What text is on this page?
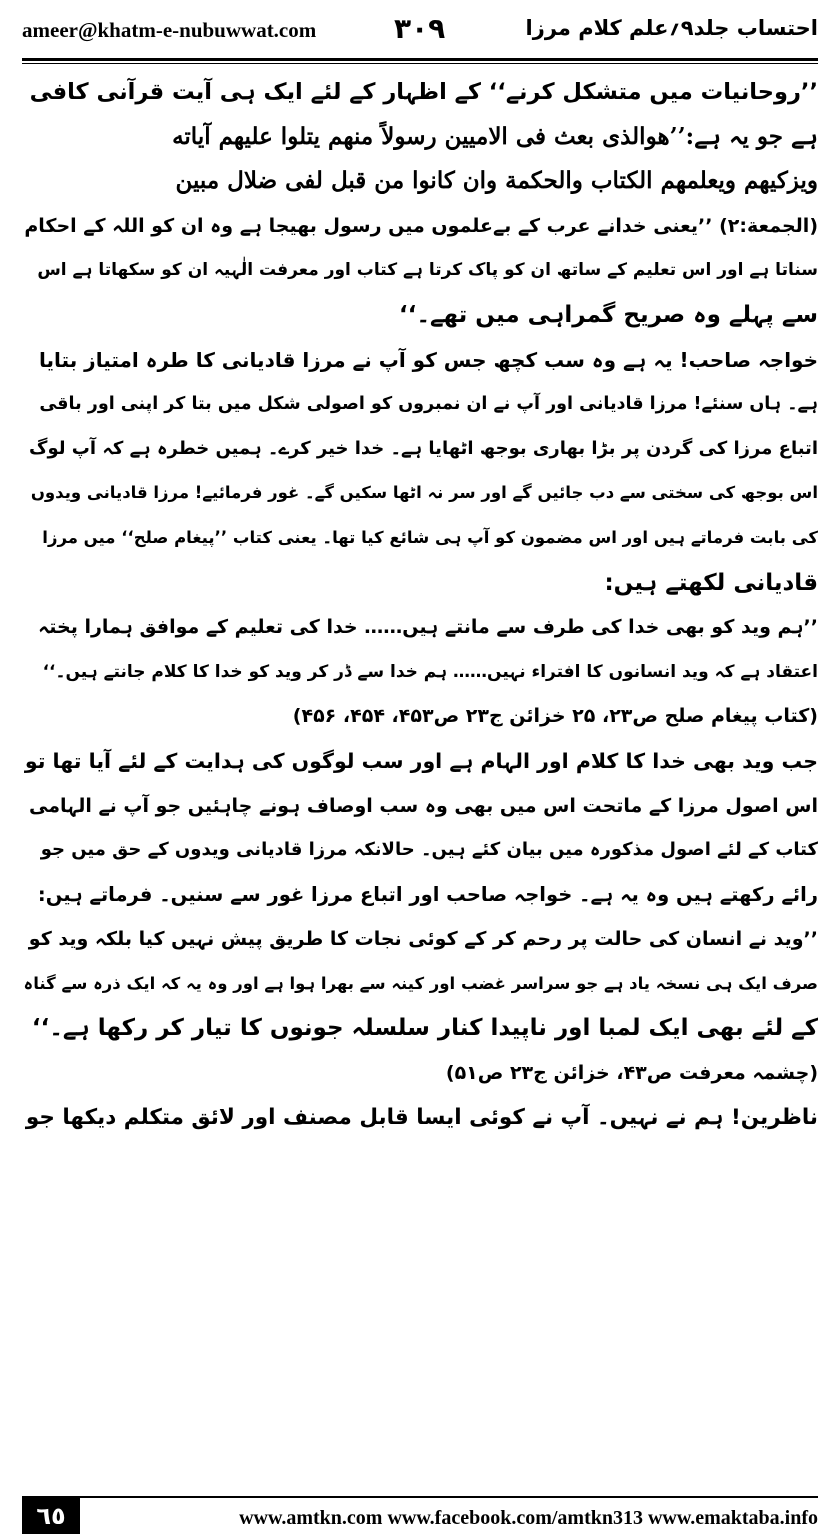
ameer@khatm-e-nubuwwat.com	۳۰۹	احتساب جلد۹؍علم کلام مرزا
’’روحانیات میں متشکل کرنے‘‘ کے اظہار کے لئے ایک ہی آیت قرآنی کافی
ہے جو یہ ہے:’’هوالذی بعث فی الامیین رسولاً منهم یتلوا علیهم آیاته
ویزکیهم ویعلمهم الکتاب والحکمة وان کانوا من قبل لفی ضلال مبین
(الجمعة:۲) ’’یعنی خدانے عرب کے بےعلموں میں رسول بھیجا ہے وہ ان کو اللہ کے احکام
سناتا ہے اور اس تعلیم کے ساتھ ان کو پاک کرتا ہے کتاب اور معرفت الٰہیہ ان کو سکھاتا ہے اس
سے پہلے وہ صریح گمراہی میں تھے۔‘‘
خواجہ صاحب! یہ ہے وہ سب کچھ جس کو آپ نے مرزا قادیانی کا طرہ امتیاز بتایا
ہے۔ ہاں سنئے! مرزا قادیانی اور آپ نے ان نمبروں کو اصولی شکل میں بتا کر اپنی اور باقی
اتباع مرزا کی گردن پر بڑا بھاری بوجھ اٹھایا ہے۔ خدا خیر کرے۔ ہمیں خطرہ ہے کہ آپ لوگ
اس بوجھ کی سختی سے دب جائیں گے اور سر نہ اٹھا سکیں گے۔ غور فرمائیے! مرزا قادیانی ویدوں
کی بابت فرماتے ہیں اور اس مضمون کو آپ ہی شائع کیا تھا۔ یعنی کتاب ’’پیغام صلح‘‘ میں مرزا
قادیانی لکھتے ہیں:
’’ہم وید کو بھی خدا کی طرف سے مانتے ہیں…… خدا کی تعلیم کے موافق ہمارا پختہ
اعتقاد ہے کہ وید انسانوں کا افتراء نہیں…… ہم خدا سے ڈر کر وید کو خدا کا کلام جانتے ہیں۔‘‘
(کتاب پیغام صلح ص۲۳، ۲۵ خزائن ج۲۳ ص۴۵۳، ۴۵۴، ۴۵۶)
جب وید بھی خدا کا کلام اور الہام ہے اور سب لوگوں کی ہدایت کے لئے آیا تھا تو
اس اصول مرزا کے ماتحت اس میں بھی وہ سب اوصاف ہونے چاہئیں جو آپ نے الہامی
کتاب کے لئے اصول مذکورہ میں بیان کئے ہیں۔ حالانکہ مرزا قادیانی ویدوں کے حق میں جو
رائے رکھتے ہیں وہ یہ ہے۔ خواجہ صاحب اور اتباع مرزا غور سے سنیں۔ فرماتے ہیں:
’’وید نے انسان کی حالت پر رحم کر کے کوئی نجات کا طریق پیش نہیں کیا بلکہ وید کو
صرف ایک ہی نسخہ یاد ہے جو سراسر غضب اور کینہ سے بھرا ہوا ہے اور وہ یہ کہ ایک ذرہ سے گناہ
کے لئے بھی ایک لمبا اور ناپیدا کنار سلسلہ جونوں کا تیار کر رکھا ہے۔‘‘
(چشمہ معرفت ص۴۳، خزائن ج۲۳ ص۵۱)
ناظرین! ہم نے نہیں۔ آپ نے کوئی ایسا قابل مصنف اور لائق متکلم دیکھا جو
٦٥	www.amtkn.com www.facebook.com/amtkn313 www.emaktaba.info
